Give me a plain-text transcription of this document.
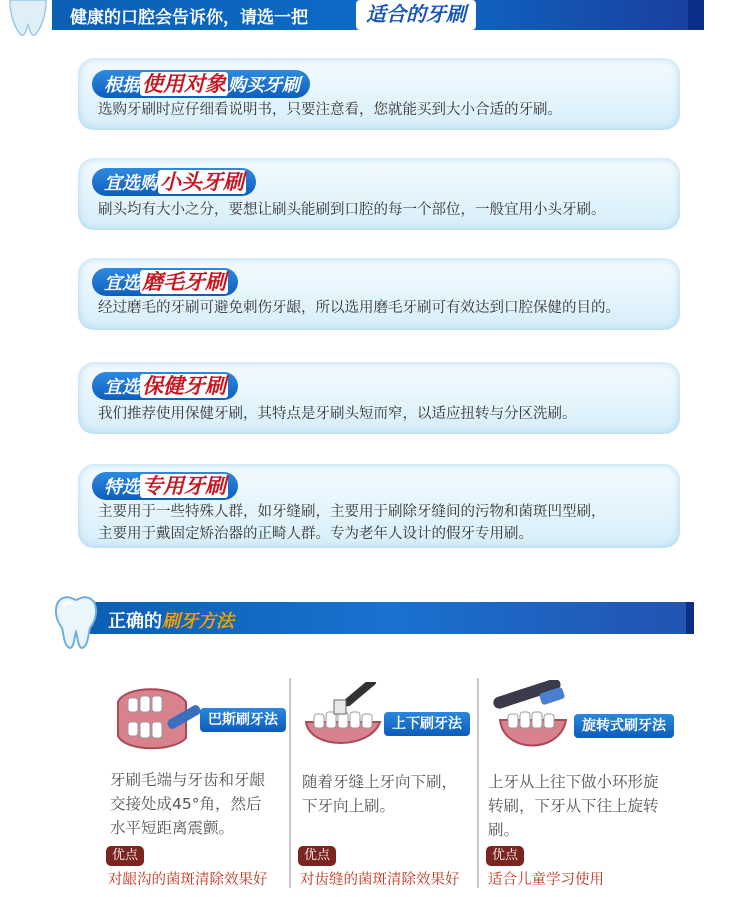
健康的口腔会告诉你，请选一把	适合的牙刷
根据使用对象 购买牙刷
选购牙刷时应仔细看说明书，只要注意看，您就能买到大小合适的牙刷。
宜选购小头牙刷
刷头均有大小之分，要想让刷头能刷到口腔的每一个部位，一般宜用小头牙刷。
宜选磨毛牙刷
经过磨毛的牙刷可避免刺伤牙龈，所以选用磨毛牙刷可有效达到口腔保健的目的。
宜选保健牙刷
我们推荐使用保健牙刷，其特点是牙刷头短而窄，以适应扭转与分区洗刷。
特选专用牙刷
主要用于一些特殊人群，如牙缝刷，主要用于刷除牙缝间的污物和菌斑凹型刷，
主要用于戴固定矫治器的正畸人群。专为老年人设计的假牙专用刷。
正确的刷牙方法
巴斯刷牙法
牙刷毛端与牙齿和牙龈
交接处成45°角，然后
水平短距离震颤。
优点
对龈沟的菌斑清除效果好
上下刷牙法
随着牙缝上牙向下刷，
下牙向上刷。
优点
对齿缝的菌斑清除效果好
旋转式刷牙法
上牙从上往下做小环形旋
转刷，下牙从下往上旋转
刷。
优点
适合儿童学习使用
